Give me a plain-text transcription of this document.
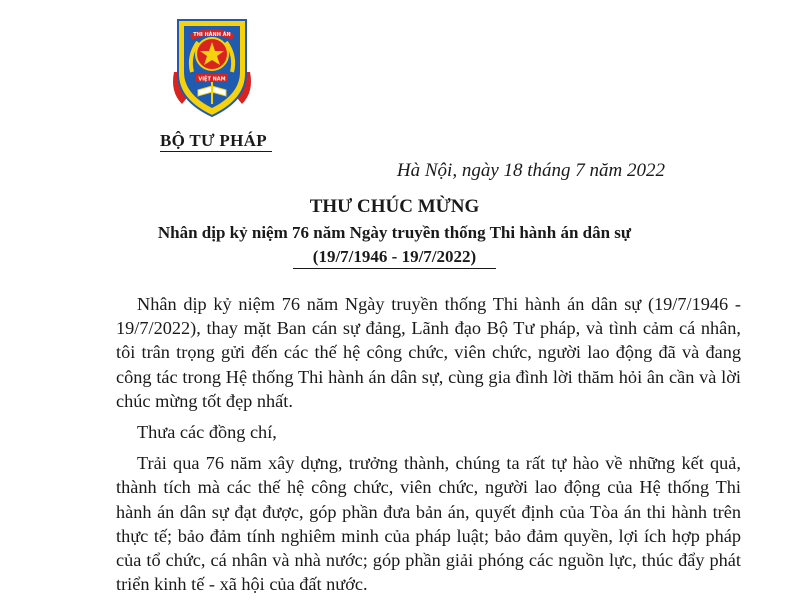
THI HÀNH ÁN
VIỆT NAM
BỘ TƯ PHÁP
Hà Nội, ngày 18 tháng 7 năm 2022
THƯ CHÚC MỪNG
Nhân dịp kỷ niệm 76 năm Ngày truyền thống Thi hành án dân sự
(19/7/1946 - 19/7/2022)

Nhân dịp kỷ niệm 76 năm Ngày truyền thống Thi hành án dân sự (19/7/1946 - 19/7/2022), thay mặt Ban cán sự đảng, Lãnh đạo Bộ Tư pháp, và tình cảm cá nhân, tôi trân trọng gửi đến các thế hệ công chức, viên chức, người lao động đã và đang công tác trong Hệ thống Thi hành án dân sự, cùng gia đình lời thăm hỏi ân cần và lời chúc mừng tốt đẹp nhất.

Thưa các đồng chí,

Trải qua 76 năm xây dựng, trưởng thành, chúng ta rất tự hào về những kết quả, thành tích mà các thế hệ công chức, viên chức, người lao động của Hệ thống Thi hành án dân sự đạt được, góp phần đưa bản án, quyết định của Tòa án thi hành trên thực tế; bảo đảm tính nghiêm minh của pháp luật; bảo đảm quyền, lợi ích hợp pháp của tổ chức, cá nhân và nhà nước; góp phần giải phóng các nguồn lực, thúc đẩy phát triển kinh tế - xã hội của đất nước.
